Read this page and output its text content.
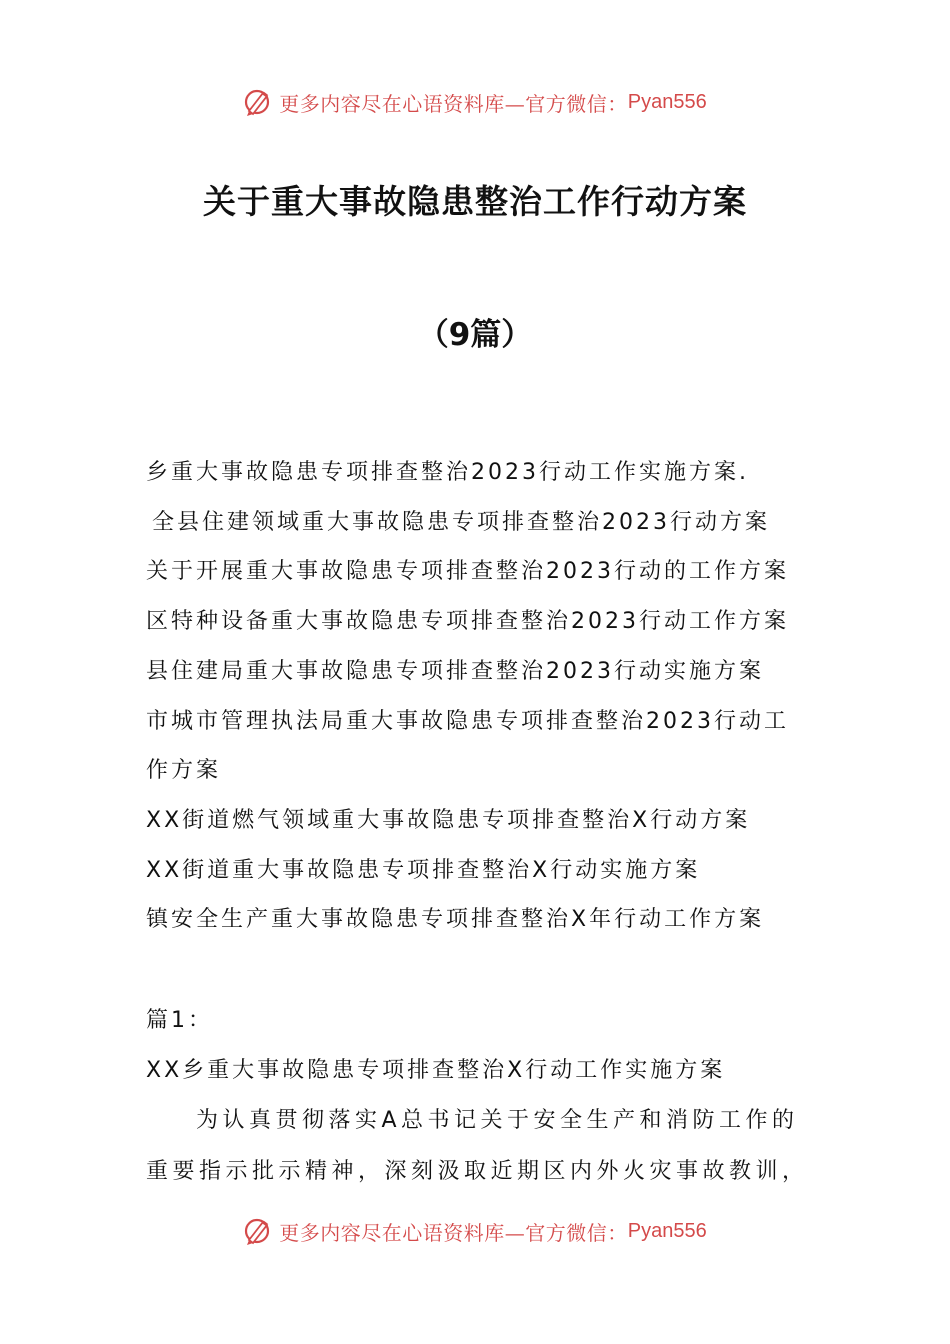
更多内容尽在心语资料库—官方微信： Pyan556
关于重大事故隐患整治工作行动方案
（9篇）
乡重大事故隐患专项排查整治2023行动工作实施方案.
全县住建领域重大事故隐患专项排查整治2023行动方案
关于开展重大事故隐患专项排查整治2023行动的工作方案
区特种设备重大事故隐患专项排查整治2023行动工作方案
县住建局重大事故隐患专项排查整治2023行动实施方案
市城市管理执法局重大事故隐患专项排查整治2023行动工
作方案
XX街道燃气领域重大事故隐患专项排查整治X行动方案
XX街道重大事故隐患专项排查整治X行动实施方案
镇安全生产重大事故隐患专项排查整治X年行动工作方案

篇1：

XX乡重大事故隐患专项排查整治X行动工作实施方案

为认真贯彻落实A总书记关于安全生产和消防工作的

重要指示批示精神，深刻汲取近期区内外火灾事故教训，

更多内容尽在心语资料库—官方微信： Pyan556
